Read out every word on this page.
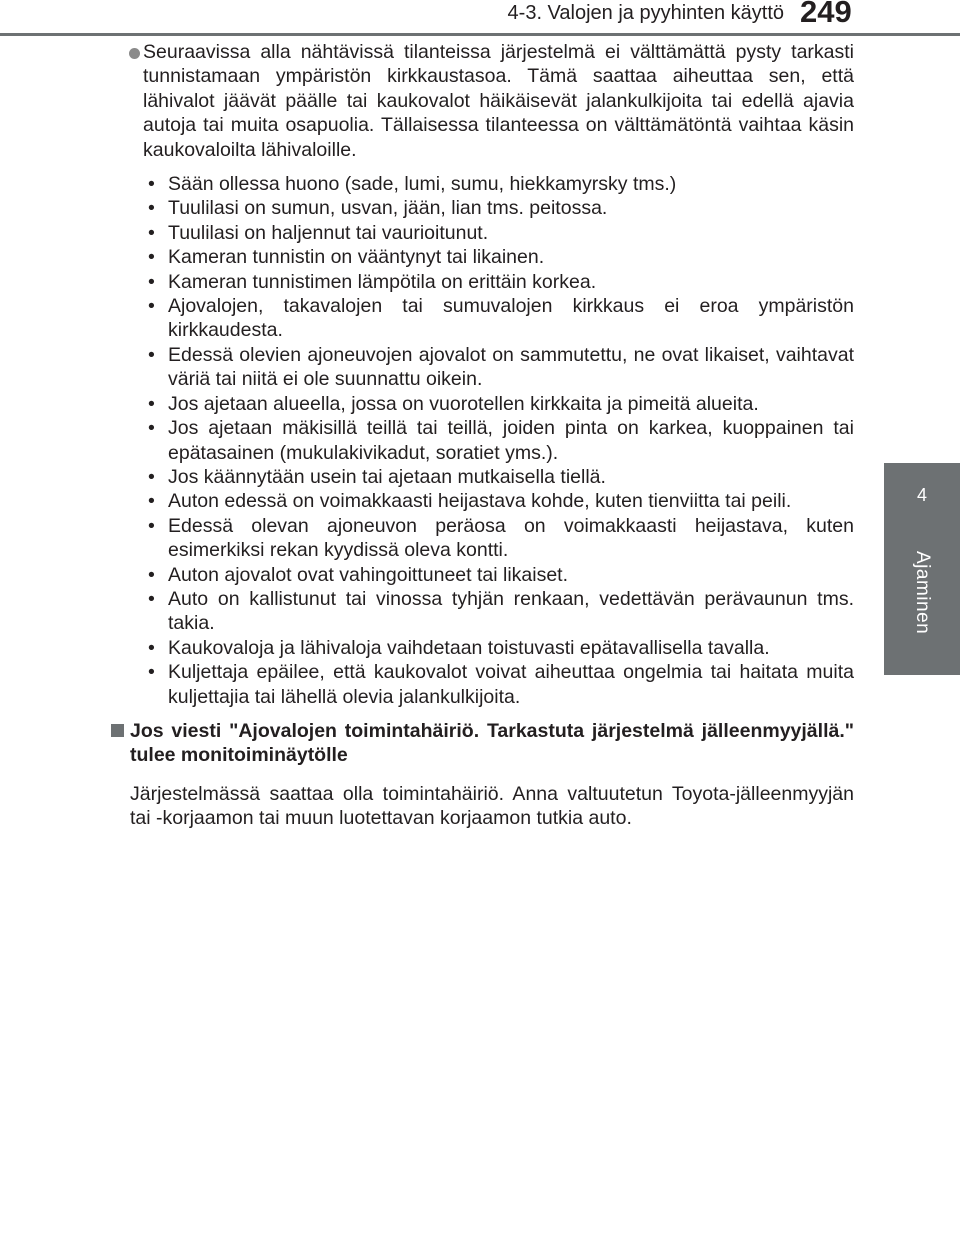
4-3. Valojen ja pyyhinten käyttö 249
4
Ajaminen
Seuraavissa alla nähtävissä tilanteissa järjestelmä ei välttämättä pysty tarkasti tunnistamaan ympäristön kirkkaustasoa. Tämä saattaa aiheuttaa sen, että lähivalot jäävät päälle tai kaukovalot häikäisevät jalankulkijoita tai edellä ajavia autoja tai muita osapuolia. Tällaisessa tilanteessa on välttämätöntä vaihtaa käsin kaukovaloilta lähivaloille.
• Sään ollessa huono (sade, lumi, sumu, hiekkamyrsky tms.)
• Tuulilasi on sumun, usvan, jään, lian tms. peitossa.
• Tuulilasi on haljennut tai vaurioitunut.
• Kameran tunnistin on vääntynyt tai likainen.
• Kameran tunnistimen lämpötila on erittäin korkea.
• Ajovalojen, takavalojen tai sumuvalojen kirkkaus ei eroa ympäristön kirkkaudesta.
• Edessä olevien ajoneuvojen ajovalot on sammutettu, ne ovat likaiset, vaihtavat väriä tai niitä ei ole suunnattu oikein.
• Jos ajetaan alueella, jossa on vuorotellen kirkkaita ja pimeitä alueita.
• Jos ajetaan mäkisillä teillä tai teillä, joiden pinta on karkea, kuoppainen tai epätasainen (mukulakivikadut, soratiet yms.).
• Jos käännytään usein tai ajetaan mutkaisella tiellä.
• Auton edessä on voimakkaasti heijastava kohde, kuten tienviitta tai peili.
• Edessä olevan ajoneuvon peräosa on voimakkaasti heijastava, kuten esimerkiksi rekan kyydissä oleva kontti.
• Auton ajovalot ovat vahingoittuneet tai likaiset.
• Auto on kallistunut tai vinossa tyhjän renkaan, vedettävän perävaunun tms. takia.
• Kaukovaloja ja lähivaloja vaihdetaan toistuvasti epätavallisella tavalla.
• Kuljettaja epäilee, että kaukovalot voivat aiheuttaa ongelmia tai haitata muita kuljettajia tai lähellä olevia jalankulkijoita.
Jos viesti "Ajovalojen toimintahäiriö. Tarkastuta järjestelmä jälleenmyyjällä." tulee monitoiminäytölle
Järjestelmässä saattaa olla toimintahäiriö. Anna valtuutetun Toyota-jälleenmyyjän tai -korjaamon tai muun luotettavan korjaamon tutkia auto.
